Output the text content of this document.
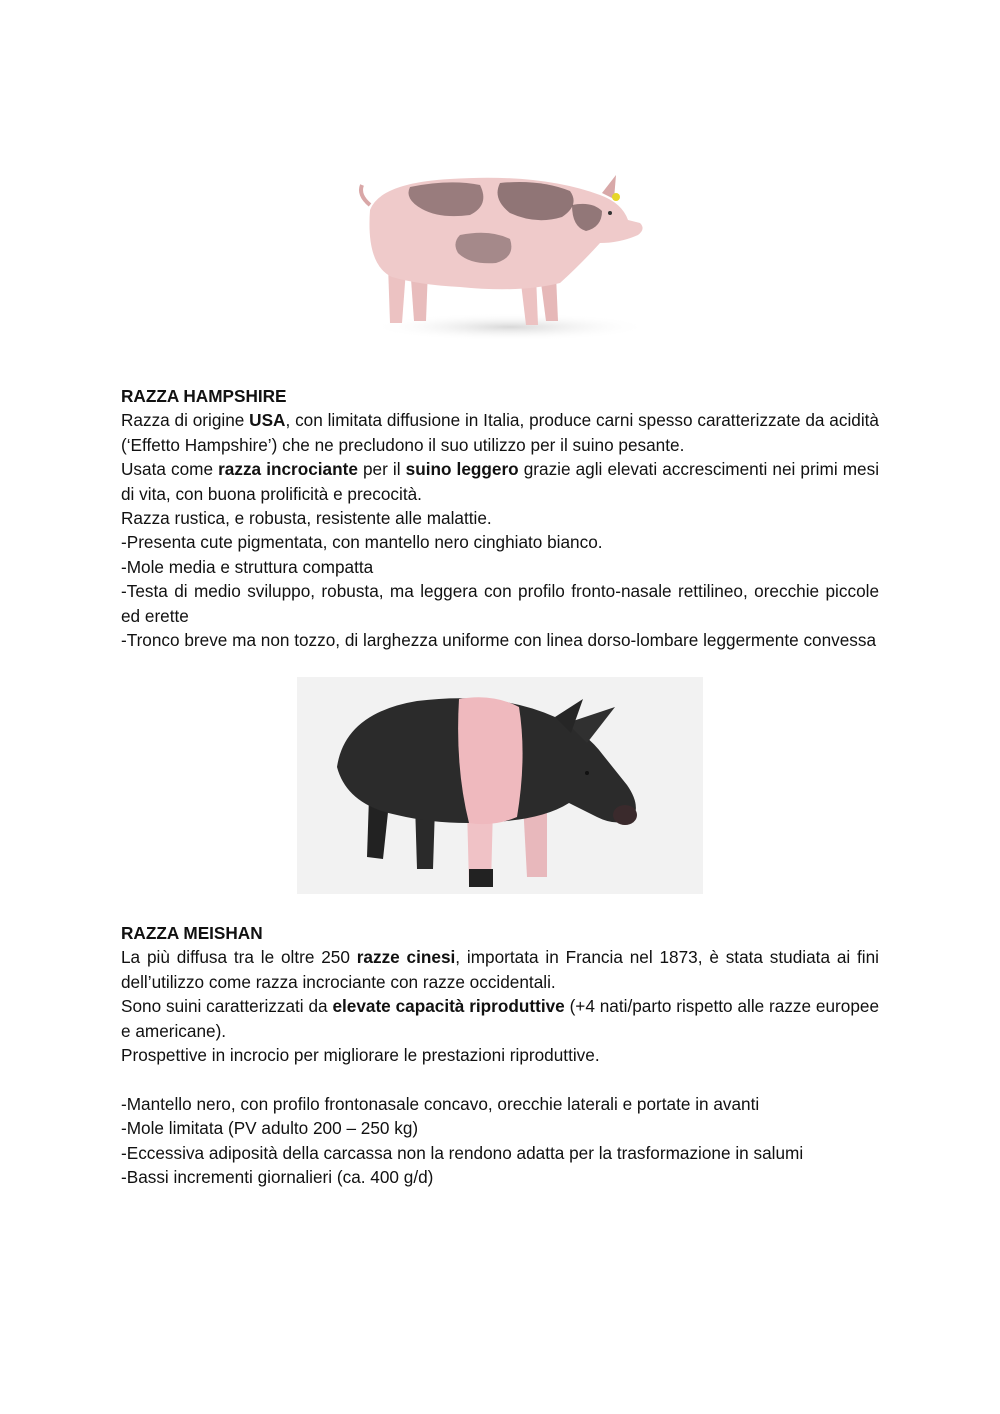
RAZZA HAMPSHIRE

Razza di origine USA, con limitata diffusione in Italia, produce carni spesso caratterizzate da acidità (‘Effetto Hampshire’) che ne precludono il suo utilizzo per il suino pesante.

Usata come razza incrociante per il suino leggero grazie agli elevati accrescimenti nei primi mesi di vita, con buona prolificità e precocità.

Razza rustica, e robusta, resistente alle malattie.

-Presenta cute pigmentata, con mantello nero cinghiato bianco.

-Mole media e struttura compatta

-Testa di medio sviluppo, robusta, ma leggera con profilo fronto-nasale rettilineo, orecchie piccole ed erette

-Tronco breve ma non tozzo, di larghezza uniforme con linea dorso-lombare leggermente convessa

RAZZA MEISHAN

La più diffusa tra le oltre 250 razze cinesi, importata in Francia nel 1873, è stata studiata ai fini dell’utilizzo come razza incrociante con razze occidentali.

Sono suini caratterizzati da elevate capacità riproduttive (+4 nati/parto rispetto alle razze europee e americane).

Prospettive in incrocio per migliorare le prestazioni riproduttive.

-Mantello nero, con profilo frontonasale concavo, orecchie laterali e portate in avanti

-Mole limitata (PV adulto 200 – 250 kg)

-Eccessiva adiposità della carcassa non la rendono adatta per la trasformazione in salumi

-Bassi incrementi giornalieri (ca. 400 g/d)
